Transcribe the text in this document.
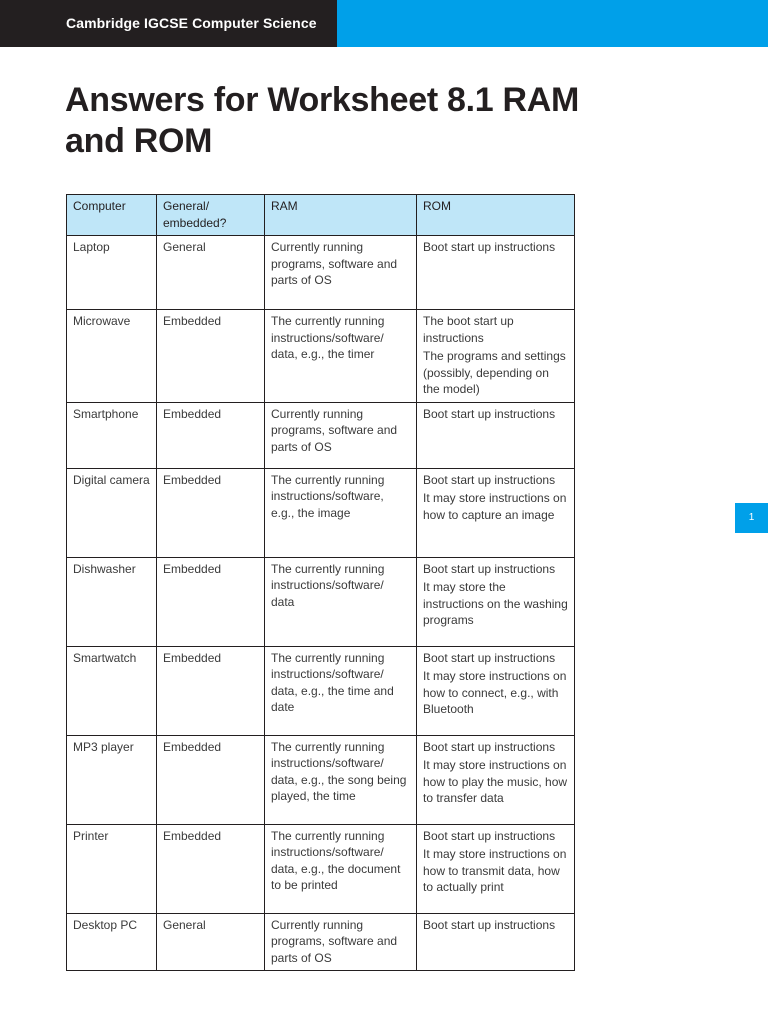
Cambridge IGCSE Computer Science
Answers for Worksheet 8.1 RAM and ROM
Computer	General/ embedded?	RAM	ROM
Laptop	General	Currently running programs, software and parts of OS	Boot start up instructions
Microwave	Embedded	The currently running instructions/software/ data, e.g., the timer	The boot start up instructions
The programs and settings (possibly, depending on the model)

Smartphone	Embedded	Currently running programs, software and parts of OS	Boot start up instructions
Digital camera	Embedded	The currently running instructions/software, e.g., the image	Boot start up instructions
It may store instructions on how to capture an image

Dishwasher	Embedded	The currently running instructions/software/ data	Boot start up instructions
It may store the instructions on the washing programs

Smartwatch	Embedded	The currently running instructions/software/ data, e.g., the time and date	Boot start up instructions
It may store instructions on how to connect, e.g., with Bluetooth

MP3 player	Embedded	The currently running instructions/software/ data, e.g., the song being played, the time	Boot start up instructions
It may store instructions on how to play the music, how to transfer data

Printer	Embedded	The currently running instructions/software/ data, e.g., the document to be printed	Boot start up instructions
It may store instructions on how to transmit data, how to actually print

Desktop PC	General	Currently running programs, software and parts of OS	Boot start up instructions
1
